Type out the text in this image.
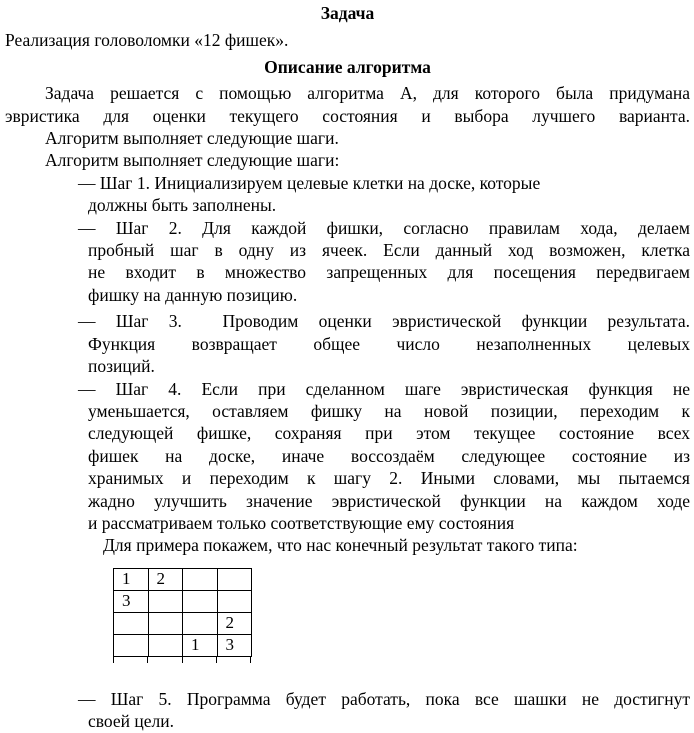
Задача
Реализация головоломки «12 фишек».
Описание алгоритма
Задача решается с помощью алгоритма А, для которого была придумана
эвристика для оценки текущего состояния и выбора лучшего варианта.
Алгоритм выполняет следующие шаги.
Алгоритм выполняет следующие шаги:
— Шаг 1. Инициализируем целевые клетки на доске, которые
должны быть заполнены.
— Шаг 2. Для каждой фишки, согласно правилам хода, делаем
пробный шаг в одну из ячеек. Если данный ход возможен, клетка
не входит в множество запрещенных для посещения передвигаем
фишку на данную позицию.
— Шаг 3.  Проводим оценки эвристической функции результата.
Функция возвращает общее число незаполненных целевых
позиций.
— Шаг 4. Если при сделанном шаге эвристическая функция не
уменьшается, оставляем фишку на новой позиции, переходим к
следующей фишке, сохраняя при этом текущее состояние всех
фишек на доске, иначе воссоздаём следующее состояние из
хранимых и переходим к шагу 2. Иными словами, мы пытаемся
жадно улучшить значение эвристической функции на каждом ходе
и рассматриваем только соответствующие ему состояния
Для примера покажем, что нас конечный результат такого типа:
1	2		
3			
			2
		1	3
— Шаг 5. Программа будет работать, пока все шашки не достигнут
своей цели.
